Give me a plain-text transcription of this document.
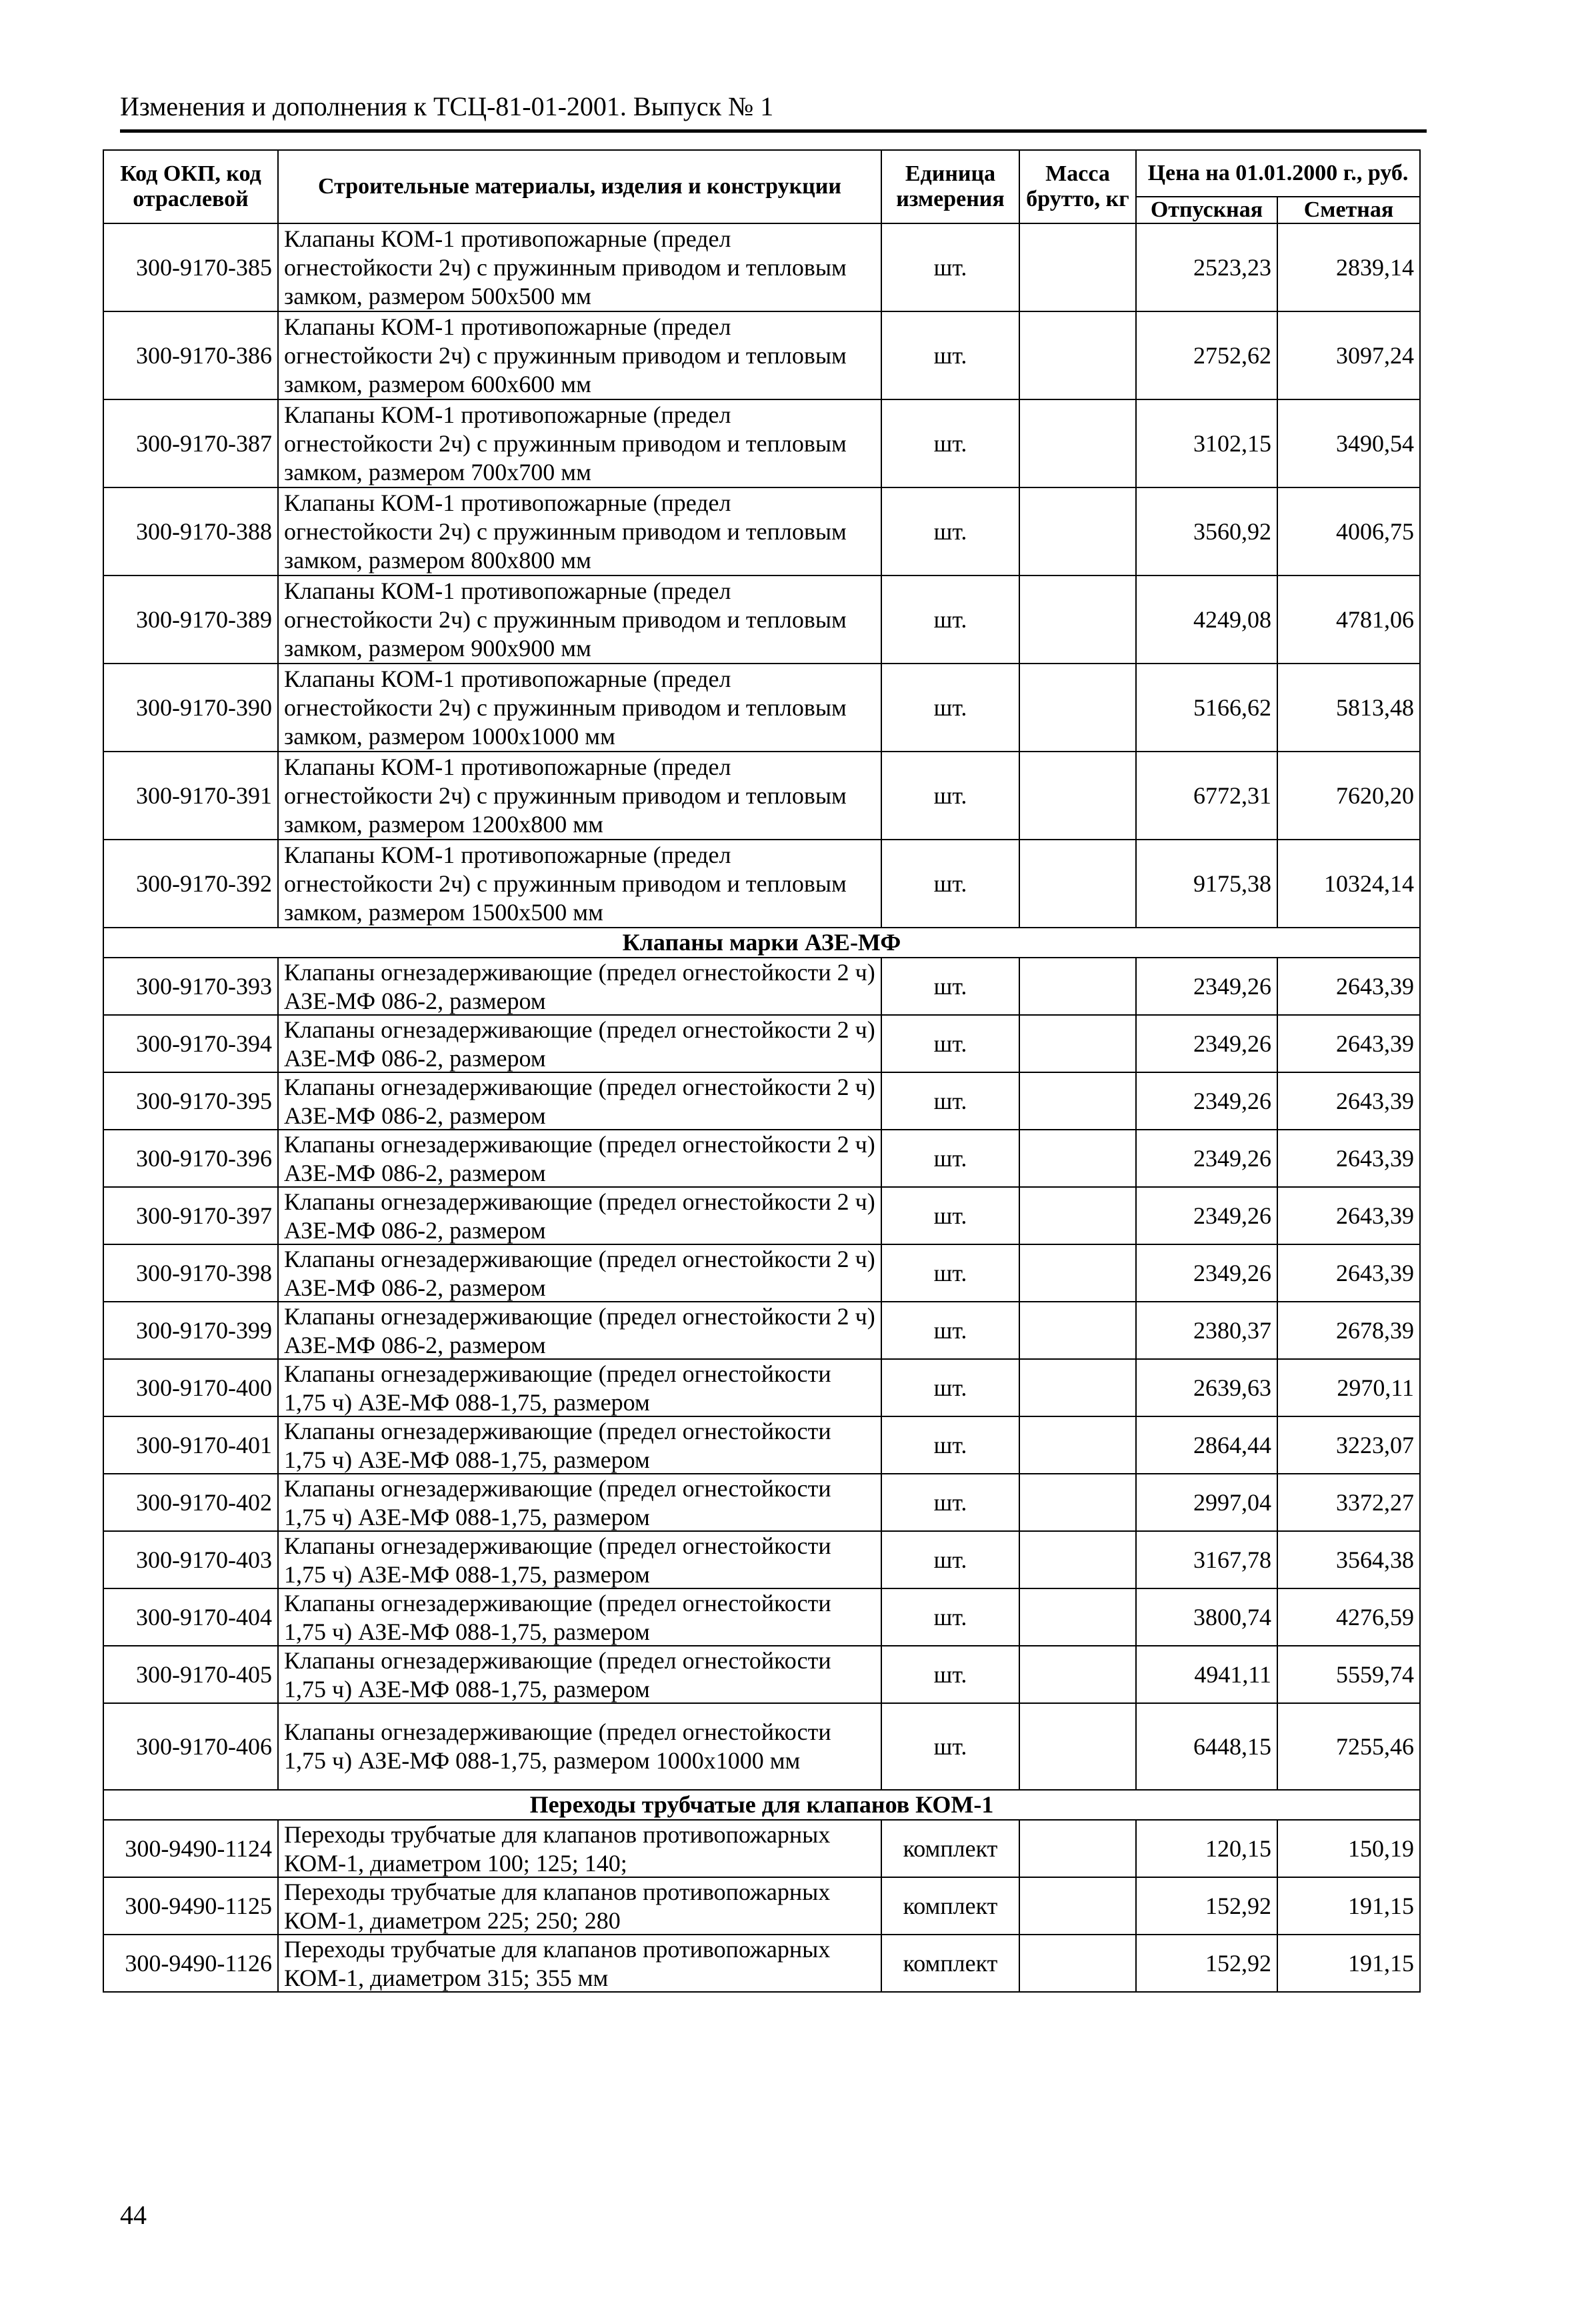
Изменения и дополнения к ТСЦ-81-01-2001. Выпуск № 1
Код ОКП, код отраслевой	Строительные материалы, изделия и конструкции	Единица измерения	Масса брутто, кг	Цена на 01.01.2000 г., руб.	
				Отпускная	Сметная
300-9170-385	Клапаны КОМ-1 противопожарные (предел огнестойкости 2ч) с пружинным приводом и тепловым замком, размером 500х500 мм	шт.		2523,23	2839,14
300-9170-386	Клапаны КОМ-1 противопожарные (предел огнестойкости 2ч) с пружинным приводом и тепловым замком, размером 600х600 мм	шт.		2752,62	3097,24
300-9170-387	Клапаны КОМ-1 противопожарные (предел огнестойкости 2ч) с пружинным приводом и тепловым замком, размером 700х700 мм	шт.		3102,15	3490,54
300-9170-388	Клапаны КОМ-1 противопожарные (предел огнестойкости 2ч) с пружинным приводом и тепловым замком, размером 800х800 мм	шт.		3560,92	4006,75
300-9170-389	Клапаны КОМ-1 противопожарные (предел огнестойкости 2ч) с пружинным приводом и тепловым замком, размером 900х900 мм	шт.		4249,08	4781,06
300-9170-390	Клапаны КОМ-1 противопожарные (предел огнестойкости 2ч) с пружинным приводом и тепловым замком, размером 1000х1000 мм	шт.		5166,62	5813,48
300-9170-391	Клапаны КОМ-1 противопожарные (предел огнестойкости 2ч) с пружинным приводом и тепловым замком, размером 1200х800 мм	шт.		6772,31	7620,20
300-9170-392	Клапаны КОМ-1 противопожарные (предел огнестойкости 2ч) с пружинным приводом и тепловым замком, размером 1500х500 мм	шт.		9175,38	10324,14
Клапаны марки АЗЕ-МФ					
300-9170-393	Клапаны огнезадерживающие (предел огнестойкости 2 ч) АЗЕ-МФ 086-2, размером	шт.		2349,26	2643,39
300-9170-394	Клапаны огнезадерживающие (предел огнестойкости 2 ч) АЗЕ-МФ 086-2, размером	шт.		2349,26	2643,39
300-9170-395	Клапаны огнезадерживающие (предел огнестойкости 2 ч) АЗЕ-МФ 086-2, размером	шт.		2349,26	2643,39
300-9170-396	Клапаны огнезадерживающие (предел огнестойкости 2 ч) АЗЕ-МФ 086-2, размером	шт.		2349,26	2643,39
300-9170-397	Клапаны огнезадерживающие (предел огнестойкости 2 ч) АЗЕ-МФ 086-2, размером	шт.		2349,26	2643,39
300-9170-398	Клапаны огнезадерживающие (предел огнестойкости 2 ч) АЗЕ-МФ 086-2, размером	шт.		2349,26	2643,39
300-9170-399	Клапаны огнезадерживающие (предел огнестойкости 2 ч) АЗЕ-МФ 086-2, размером	шт.		2380,37	2678,39
300-9170-400	Клапаны огнезадерживающие (предел огнестойкости 1,75 ч) АЗЕ-МФ 088-1,75, размером	шт.		2639,63	2970,11
300-9170-401	Клапаны огнезадерживающие (предел огнестойкости 1,75 ч) АЗЕ-МФ 088-1,75, размером	шт.		2864,44	3223,07
300-9170-402	Клапаны огнезадерживающие (предел огнестойкости 1,75 ч) АЗЕ-МФ 088-1,75, размером	шт.		2997,04	3372,27
300-9170-403	Клапаны огнезадерживающие (предел огнестойкости 1,75 ч) АЗЕ-МФ 088-1,75, размером	шт.		3167,78	3564,38
300-9170-404	Клапаны огнезадерживающие (предел огнестойкости 1,75 ч) АЗЕ-МФ 088-1,75, размером	шт.		3800,74	4276,59
300-9170-405	Клапаны огнезадерживающие (предел огнестойкости 1,75 ч) АЗЕ-МФ 088-1,75, размером	шт.		4941,11	5559,74
300-9170-406	Клапаны огнезадерживающие (предел огнестойкости 1,75 ч) АЗЕ-МФ 088-1,75, размером 1000х1000 мм	шт.		6448,15	7255,46
Переходы трубчатые для клапанов КОМ-1					
300-9490-1124	Переходы трубчатые для клапанов противопожарных КОМ-1, диаметром 100; 125; 140;	комплект		120,15	150,19
300-9490-1125	Переходы трубчатые для клапанов противопожарных КОМ-1, диаметром 225; 250; 280	комплект		152,92	191,15
300-9490-1126	Переходы трубчатые для клапанов противопожарных КОМ-1, диаметром 315; 355 мм	комплект		152,92	191,15
44
